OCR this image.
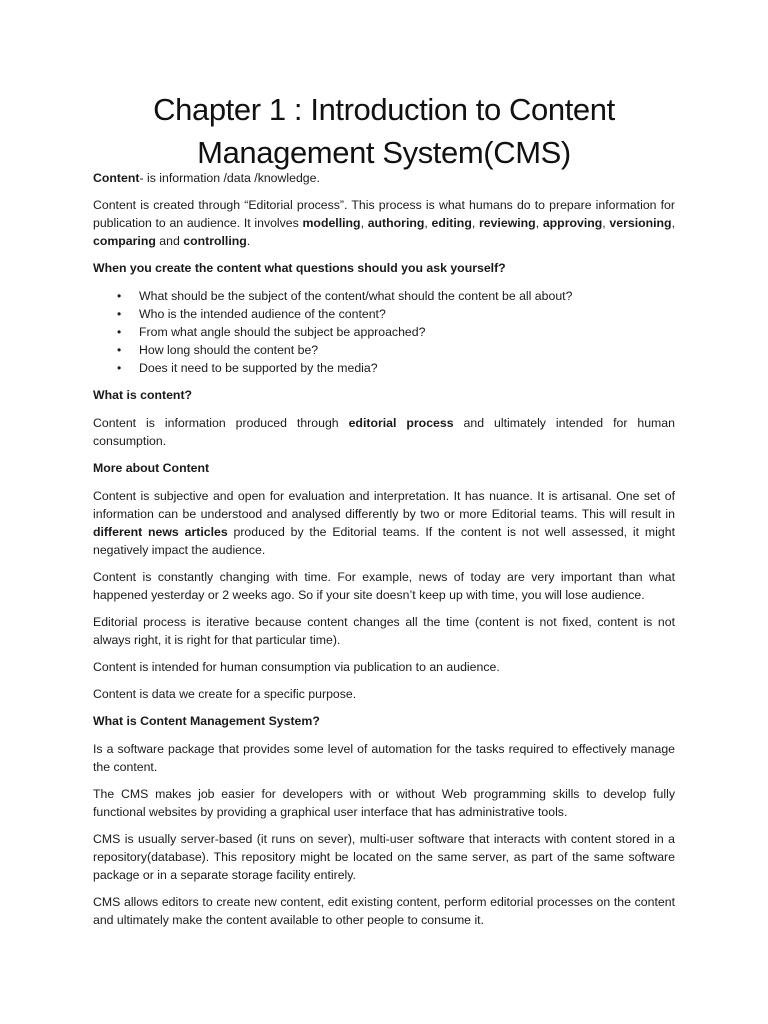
Chapter 1 : Introduction to Content
Management System(CMS)

Content- is information /data /knowledge.

Content is created through “Editorial process”. This process is what humans do to prepare information for publication to an audience. It involves modelling, authoring, editing, reviewing, approving, versioning, comparing and controlling.

When you create the content what questions should you ask yourself?

• What should be the subject of the content/what should the content be all about?
• Who is the intended audience of the content?
• From what angle should the subject be approached?
• How long should the content be?
• Does it need to be supported by the media?

What is content?

Content is information produced through editorial process and ultimately intended for human consumption.

More about Content

Content is subjective and open for evaluation and interpretation. It has nuance. It is artisanal. One set of information can be understood and analysed differently by two or more Editorial teams. This will result in different news articles produced by the Editorial teams. If the content is not well assessed, it might negatively impact the audience.

Content is constantly changing with time. For example, news of today are very important than what happened yesterday or 2 weeks ago. So if your site doesn’t keep up with time, you will lose audience.

Editorial process is iterative because content changes all the time (content is not fixed, content is not always right, it is right for that particular time).

Content is intended for human consumption via publication to an audience.

Content is data we create for a specific purpose.

What is Content Management System?

Is a software package that provides some level of automation for the tasks required to effectively manage the content.

The CMS makes job easier for developers with or without Web programming skills to develop fully functional websites by providing a graphical user interface that has administrative tools.

CMS is usually server-based (it runs on sever), multi-user software that interacts with content stored in a repository(database). This repository might be located on the same server, as part of the same software package or in a separate storage facility entirely.

CMS allows editors to create new content, edit existing content, perform editorial processes on the content and ultimately make the content available to other people to consume it.
